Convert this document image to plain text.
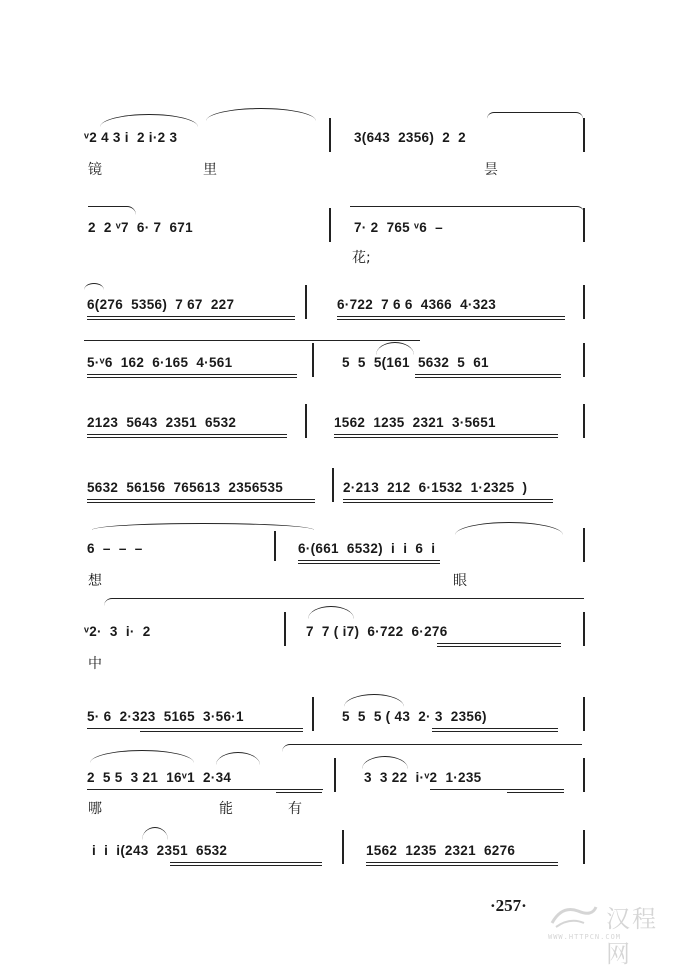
ᵛ2 4 3 i  2 i·2 3	3(643  2356)  2  2
镜	里	昙
2  2 ᵛ7  6· 7  671	7· 2  765 ᵛ6  –
花;
6(276  5356)  7 67  227	6·722  7 6 6  4366  4·323
5·ᵛ6  162  6·165  4·561	5  5  5(161  5632  5  61
2123  5643  2351  6532	1562  1235  2321  3·5651
5632  56156  765613  2356535	2·213  212  6·1532  1·2325  )
6  –  –  –	6·(661  6532)  i  i  6  i
想	眼
ᵛ2·  3  i·  2	7  7 ( i7)  6·722  6·276
中
5· 6  2·323  5165  3·56·1	5  5  5 ( 43  2· 3  2356)
2  5 5  3 21  16ᵛ1  2·34	3  3 22  i·ᵛ2  1·235
哪	能	有
i  i  i(243  2351  6532	1562  1235  2321  6276
·257·	汉程网
WWW.HTTPCN.COM
